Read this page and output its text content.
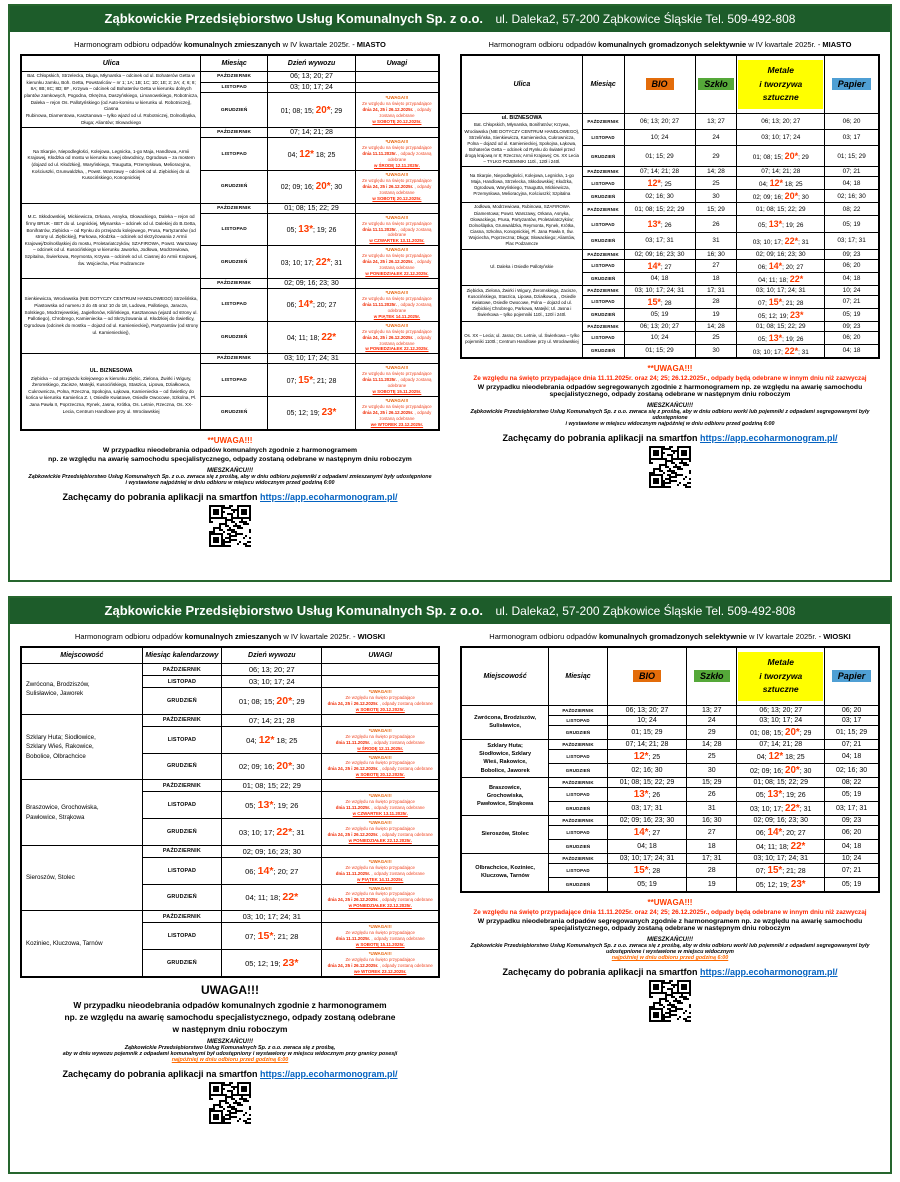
Ząbkowickie Przedsiębiorstwo Usług Komunalnych Sp. z o.o. ul. Daleka2, 57-200 Ząbkowice Śląskie Tel. 509-492-808
Harmonogram odbioru odpadów komunalnych zmieszanych w IV kwartale 2025r. - MIASTO
Ulica	Miesiąc	Dzień wywozu	Uwagi
Bat. Chłopskich, Strzelecka, Długa, Młynarska – odcinek od ul. Bohaterów Getta w kierunku zamku, Boh. Getta, Powstańców – nr 1; 1A; 1B; 1C; 1D; 1E; 2; 2A; 4; 6; 8; 8A; 8B; 8C; 8D; 8F , Krzywa – odcinek od Bohaterów Getta w kierunku dolnych plantów zamkowych, Pogodna, Okrężna, Daszyńskiego, Limanowskiego, Robotnicza, Daleka – rejon Os. Pallotyńskiego (od Auto-komisu w kierunku ul. Robotniczej), Ciasna
Rubinowa, Diamentowa, Kasztanowa – tylko wjazd od ul. Robotniczej, Dolnośląska, Długa; Aliantów; Słowackiego	PAŹDZIERNIK	06; 13; 20; 27	
	LISTOPAD	03; 10; 17; 24	
	GRUDZIEŃ	01; 08; 15; 20*; 29	*UWAGA!!!
Ze względu na święto przypadające
dnia 24, 25 i 26.12.2025r. , odpady zostaną odebrane
w SOBOTĘ 20.12.2025r.

Na Skarpie, Niepodległości, Kolejowa, Legnicka, 1-go Maja, Handlowa, Armii Krajowej, Kłodzka od mostu w kierunku nowej obwodnicy, Ogrodowa – za mostem (dojazd od ul. Kłodzkiej), Waryńskiego, Traugutta, Przemysłowa, Melioracyjna, Kościuszki, Grunwaldzka, , Powst. Warszawy – odcinek od ul. Ziębickiej do ul. Kusocińskiego, Konopnickiej	PAŹDZIERNIK	07; 14; 21; 28	
	LISTOPAD	04; 12* 18; 25	*UWAGA!!!
Ze względu na święto przypadające
dnia 11.11.2025r. , odpady zostaną odebrane
w ŚRODĘ 12.11.2025r.

	GRUDZIEŃ	02; 09; 16; 20*; 30	*UWAGA!!!
Ze względu na święto przypadające
dnia 24, 25 i 26.12.2025r. , odpady zostaną odebrane
w SOBOTĘ 20.12.2025r.

M.C. Skłodowskiej, Mickiewicza, Orkana, Asnyka, Głowackiego, Daleka – rejon od firmy BRUK - BET do ul. Legnickiej, Młynarska – odcinek od ul. Dalekiej do B.Getta, Bonifratrów, Ziębicka – od Rynku do przejazdu kolejowego, Prusa, Partyzantów (od strony ul. Ziębickiej), Parkowa, Kłodzka – odcinek od skrzyżowania z Armii Krajowej/Dolnośląskiej do mostu, Proletariatczyków, SZAFIROWA, Powst. Warszawy – odcinek od ul. Kusocińskiego w kierunku Jaworka, Jodłowa, Modrzewiowa, Szpitalna, Świerkowa, Reymonta, Krzywa – odcinek od ul. Ciasnej do Armii Krajowej, Św. Wojciecha, Plac Podzamcze	PAŹDZIERNIK	01; 08; 15; 22; 29	
	LISTOPAD	05; 13*; 19; 26	*UWAGA!!!
Ze względu na święto przypadające
dnia 11.11.2025r. , odpady zostaną odebrane
w CZWARTEK 13.11.2025r.

	GRUDZIEŃ	03; 10; 17; 22*; 31	*UWAGA!!!
Ze względu na święto przypadające
dnia 24, 25 i 26.12.2025r. , odpady zostaną odebrane
w PONIEDZIAŁEK 22.12.2025r.

Sienkiewicza, Wrocławska (NIE DOTYCZY CENTRUM HANDLOWEGO) Strzelińska, Piastowska od numeru 3 do 45 oraz 10 do 18, Ludowa, Pallotiego, Jaracza, Solskiego, Modrzejewskiej, Jagiellonów, Kilińskiego, Kasztanowa (wjazd od strony ul. Pallotiego), Chrobrego, Kamieniecka – od Skrzyżowania ul. Kłodzkiej do Świetlicy, Ogrodowa (odcinek do mostku – dojazd od ul. Kamienieckiej), Partyzantów (od strony ul. Kamienieckiej),	PAŹDZIERNIK	02; 09; 16; 23; 30	
	LISTOPAD	06; 14*; 20; 27	*UWAGA!!!
Ze względu na święto przypadające
dnia 11.11.2025r. , odpady zostaną odebrane
w PIĄTEK 14.11.2025r.

	GRUDZIEŃ	04; 11; 18; 22*	*UWAGA!!!
Ze względu na święto przypadające
dnia 24, 25 i 26.12.2025r. , odpady zostaną odebrane
w PONIEDZIAŁEK 22.12.2025r.

UL. BIZNESOWA
Ziębicka – od przejazdu kolejowego w kierunku Ziębic, Zielona, Żwirki i Wigury, Żeromskiego, Zacisze, Matejki, Kusocińskiego, Staszica, Lipowa, Działkowca, Cukrownicza, Polna, Rzeczna, Spokojna, Łąkowa, Kamieniecka – od Świetlicy do końca w kierunku Kamieńca Z. I, Osiedle Kwiatowe, Osiedle Owocowe, Szkolna, Pl. Jana Pawła II, Poprzeczna, Rynek, Jasna, Krótka, Os. Letnie, Rzeczna, Os. XX-Lecia, Centrum Handlowe przy ul. Wrocławskiej	PAŹDZIERNIK	03; 10; 17; 24; 31	
	LISTOPAD	07; 15*; 21; 28	*UWAGA!!!
Ze względu na święto przypadające
dnia 11.11.2025r. , odpady zostaną odebrane
w SOBOTĘ 15.11.2025r.

	GRUDZIEŃ	05; 12; 19; 23*	*UWAGA!!!
Ze względu na święto przypadające
dnia 24, 25 i 26.12.2025r. , odpady zostaną odebrane
we WTOREK 23.12.2025r.
**UWAGA!!!
W przypadku nieodebrania odpadów komunalnych zgodnie z harmonogramem
np. ze względu na awarię samochodu specjalistycznego, odpady zostaną odebrane w następnym dniu roboczym
MIESZKAŃCU!!!
Ząbkowickie Przedsiębiorstwo Usług Komunalnych Sp. z o.o. zwraca się z prośbą, aby w dniu odbioru pojemniki z odpadami zmieszanymi były udostępnione
i wystawione najpóźniej w dniu odbioru w miejscu widocznym przed godziną 6:00
Zachęcamy do pobrania aplikacji na smartfon https://app.ecoharmonogram.pl/
Harmonogram odbioru odpadów komunalnych gromadzonych selektywnie w IV kwartale 2025r. - MIASTO
Ulica	Miesiąc	BIO	Szkło	Metale
i tworzywa
sztuczne	Papier

ul. BIZNESOWA
Bat. Chłopskich, Młynarska, Bonifratrów; Krzywa, Wrocławska (NIE DOTYCZY CENTRUM HANDLOWEGO), Strzelińska, Sienkiewicza, Kamieniecka, Cukrownicza, Polna – dojazd od ul. Kamienieckiej, Spokojna, Łąkowa, Bohaterów Getta – odcinek od Rynku do świateł przed drogą krajową nr 8; Rzeczna; Armii Krajowej; Os. XX Lecia – TYLKO POJEMNIKI 110l., 120l i 240l.	PAŹDZIERNIK	06; 13; 20; 27	13; 27	06; 13; 20; 27	06; 20
	LISTOPAD	10; 24	24	03; 10; 17; 24	03; 17
	GRUDZIEŃ	01; 15; 29	29	01; 08; 15; 20*; 29	01; 15; 29
Na Skarpie, Niepodległości, Kolejowa, Legnicka, 1-go Maja, Handlowa, Strzelecka, Skłodowskiej; Kłodzka, Ogrodowa, Waryńskiego, Traugutta, Mickiewicza, Przemysłowa, Melioracyjna, Kościuszki; Szpitalna	PAŹDZIERNIK	07; 14; 21; 28	14; 28	07; 14; 21; 28	07; 21
	LISTOPAD	12*; 25	25	04; 12* 18; 25	04; 18
	GRUDZIEŃ	02; 16; 30	30	02; 09; 16; 20*; 30	02; 16; 30
Jodłowa, Modrzewiowa, Rubinowa, SZAFIROWA Diamentowa; Powst. Warszawy, Orkana, Asnyka, Głowackiego, Prusa, Partyzantów, Proletariatczyków; Dolnośląska, Grunwaldzka, Reymonta, Rynek, Krótka, Ciasna, Szkolna, Konopnickiej, Pl. Jana Pawła II, Św. Wojciecha, Poprzeczna; Długa; Słowackiego; Aliantów, Plac Podzamcze	PAŹDZIERNIK	01; 08; 15; 22; 29	15; 29	01; 08; 15; 22; 29	08; 22
	LISTOPAD	13*; 26	26	05; 13*; 19; 26	05; 19
	GRUDZIEŃ	03; 17; 31	31	03; 10; 17; 22*; 31	03; 17; 31
Ul. Daleka i Osiedle Pallotyńskie	PAŹDZIERNIK	02; 09; 16; 23; 30	16; 30	02; 09; 16; 23; 30	09; 23
	LISTOPAD	14*; 27	27	06; 14*; 20; 27	06; 20
	GRUDZIEŃ	04; 18	18	04; 11; 18; 22*	04; 18
Ziębicka, Zielona, Żwirki i Wigury, Żeromskiego, Zacisze, Kusocińskiego, Staszica, Lipowa, Działkowca, , Osiedle Kwiatowe, Osiedle Owocowe, Polna – dojazd od ul. Ziębickiej Chrobrego, Parkowa, Matejki; Ul. Jasna i Świerkowa – tylko pojemniki 110l., 120l i 240l.	PAŹDZIERNIK	03; 10; 17; 24; 31	17; 31	03; 10; 17; 24; 31	10; 24
	LISTOPAD	15*; 28	28	07; 15*; 21; 28	07; 21
	GRUDZIEŃ	05; 19	19	05; 12; 19; 23*	05; 19
Os. XX – Lecia; ul. Jasna; Os. Letnie, ul. Świerkowa – tylko pojemniki 1100l.; Centrum Handlowe przy ul. Wrocławskiej	PAŹDZIERNIK	06; 13; 20; 27	14; 28	01; 08; 15; 22; 29	09; 23
	LISTOPAD	10; 24	25	05; 13*; 19; 26	06; 20
	GRUDZIEŃ	01; 15; 29	30	03; 10; 17; 22*; 31	04; 18
**UWAGA!!!
Ze względu na święto przypadające dnia 11.11.2025r. oraz 24; 25; 26.12.2025r., odpady będą odebrane w innym dniu niż zazwyczaj
W przypadku nieodebrania odpadów segregowanych zgodnie z harmonogramem np. ze względu na awarię samochodu specjalistycznego, odpady zostaną odebrane w następnym dniu roboczym
MIESZKAŃCU!!!
Ząbkowickie Przedsiębiorstwo Usług Komunalnych Sp. z o.o. zwraca się z prośbą, aby w dniu odbioru worki lub pojemniki z odpadami segregowanymi były udostępnione
i wystawione w miejscu widocznym najpóźniej w dniu odbioru przed godziną 6:00
Zachęcamy do pobrania aplikacji na smartfon https://app.ecoharmonogram.pl/
Ząbkowickie Przedsiębiorstwo Usług Komunalnych Sp. z o.o. ul. Daleka2, 57-200 Ząbkowice Śląskie Tel. 509-492-808
Harmonogram odbioru odpadów komunalnych zmieszanych w IV kwartale 2025r. - WIOSKI
Miejscowość	Miesiąc kalendarzowy	Dzień wywozu	UWAGI
Zwrócona, Brodziszów,
Sulisławice, Jaworek	PAŹDZIERNIK	06; 13; 20; 27	
	LISTOPAD	03; 10; 17; 24	
	GRUDZIEŃ	01; 08; 15; 20*; 29	*UWAGA!!!
Ze względu na święto przypadające
dnia 24, 25 i 26.12.2025r. , odpady zostaną odebrane
w SOBOTĘ 20.12.2025r.

Szklary Huta; Siodłowice,
Szklary Wieś, Rakowice,
Bobolice, Olbrachcice	PAŹDZIERNIK	07; 14; 21; 28	
	LISTOPAD	04; 12* 18; 25	*UWAGA!!!
Ze względu na święto przypadające
dnia 11.11.2025r. , odpady zostaną odebrane
w ŚRODĘ 12.11.2025r.

	GRUDZIEŃ	02; 09; 16; 20*; 30	*UWAGA!!!
Ze względu na święto przypadające
dnia 24, 25 i 26.12.2025r. , odpady zostaną odebrane
w SOBOTĘ 20.12.2025r.

Braszowice, Grochowiska,
Pawłowice, Strąkowa	PAŹDZIERNIK	01; 08; 15; 22; 29	
	LISTOPAD	05; 13*; 19; 26	*UWAGA!!!
Ze względu na święto przypadające
dnia 11.11.2025r. , odpady zostaną odebrane
w CZWARTEK 13.11.2025r.

	GRUDZIEŃ	03; 10; 17; 22*; 31	*UWAGA!!!
Ze względu na święto przypadające
dnia 24, 25 i 26.12.2025r. , odpady zostaną odebrane
w PONIEDZIAŁEK 22.12.2025r.

Sieroszów, Stolec	PAŹDZIERNIK	02; 09; 16; 23; 30	
	LISTOPAD	06; 14*; 20; 27	*UWAGA!!!
Ze względu na święto przypadające
dnia 11.11.2025r. , odpady zostaną odebrane
w PIĄTEK 14.11.2025r.

	GRUDZIEŃ	04; 11; 18; 22*	*UWAGA!!!
Ze względu na święto przypadające
dnia 24, 25 i 26.12.2025r. , odpady zostaną odebrane
w PONIEDZIAŁEK 22.12.2025r.

Koziniec, Kluczowa, Tarnów	PAŹDZIERNIK	03; 10; 17; 24; 31	
	LISTOPAD	07; 15*; 21; 28	*UWAGA!!!
Ze względu na święto przypadające
dnia 11.11.2025r. , odpady zostaną odebrane
w SOBOTĘ 15.11.2025r.

	GRUDZIEŃ	05; 12; 19; 23*	*UWAGA!!!
Ze względu na święto przypadające
dnia 24, 25 i 26.12.2025r. , odpady zostaną odebrane
we WTOREK 23.12.2025r.
UWAGA!!!
W przypadku nieodebrania odpadów komunalnych zgodnie z harmonogramem
np. ze względu na awarię samochodu specjalistycznego, odpady zostaną odebrane
w następnym dniu roboczym
MIESZKAŃCU!!!
Ząbkowickie Przedsiębiorstwo Usług Komunalnych Sp. z o.o. zwraca się z prośbą,
aby w dniu wywozu pojemnik z odpadami komunalnymi był udostępniony i wystawiony w miejscu widocznym przy granicy posesji
najpóźniej w dniu odbioru przed godziną 6:00
Zachęcamy do pobrania aplikacji na smartfon https://app.ecoharmonogram.pl/
Harmonogram odbioru odpadów komunalnych gromadzonych selektywnie w IV kwartale 2025r. - WIOSKI
Miejscowość	Miesiąc	BIO	Szkło	Metale
i tworzywa
sztuczne	Papier
Zwrócona, Brodziszów,
Sulisławice,	PAŹDZIERNIK	06; 13; 20; 27	13; 27	06; 13; 20; 27	06; 20
	LISTOPAD	10; 24	24	03; 10; 17; 24	03; 17
	GRUDZIEŃ	01; 15; 29	29	01; 08; 15; 20*; 29	01; 15; 29
Szklary Huta;
Siodłowice, Szklary
Wieś, Rakowice,
Bobolice, Jaworek	PAŹDZIERNIK	07; 14; 21; 28	14; 28	07; 14; 21; 28	07; 21
	LISTOPAD	12*; 25	25	04; 12* 18; 25	04; 18
	GRUDZIEŃ	02; 16; 30	30	02; 09; 16; 20*; 30	02; 16; 30
Braszowice,
Grochowiska,
Pawłowice, Strąkowa	PAŹDZIERNIK	01; 08; 15; 22; 29	15; 29	01; 08; 15; 22; 29	08; 22
	LISTOPAD	13*; 26	26	05; 13*; 19; 26	05; 19
	GRUDZIEŃ	03; 17; 31	31	03; 10; 17; 22*; 31	03; 17; 31
Sieroszów, Stolec	PAŹDZIERNIK	02; 09; 16; 23; 30	16; 30	02; 09; 16; 23; 30	09; 23
	LISTOPAD	14*; 27	27	06; 14*; 20; 27	06; 20
	GRUDZIEŃ	04; 18	18	04; 11; 18; 22*	04; 18
Olbrachcice, Koziniec,
Kluczowa, Tarnów	PAŹDZIERNIK	03; 10; 17; 24; 31	17; 31	03; 10; 17; 24; 31	10; 24
	LISTOPAD	15*; 28	28	07; 15*; 21; 28	07; 21
	GRUDZIEŃ	05; 19	19	05; 12; 19; 23*	05; 19
**UWAGA!!!
Ze względu na święto przypadające dnia 11.11.2025r. oraz 24; 25; 26.12.2025r., odpady będą odebrane w innym dniu niż zazwyczaj
W przypadku nieodebrania odpadów segregowanych zgodnie z harmonogramem np. ze względu na awarię samochodu specjalistycznego, odpady zostaną odebrane w następnym dniu roboczym
MIESZKAŃCU!!!
Ząbkowickie Przedsiębiorstwo Usług Komunalnych Sp. z o.o. zwraca się z prośbą, aby w dniu odbioru worki lub pojemniki z odpadami segregowanymi były udostępnione i wystawione w miejscu widocznym
najpóźniej w dniu odbioru przed godziną 6:00
Zachęcamy do pobrania aplikacji na smartfon https://app.ecoharmonogram.pl/
